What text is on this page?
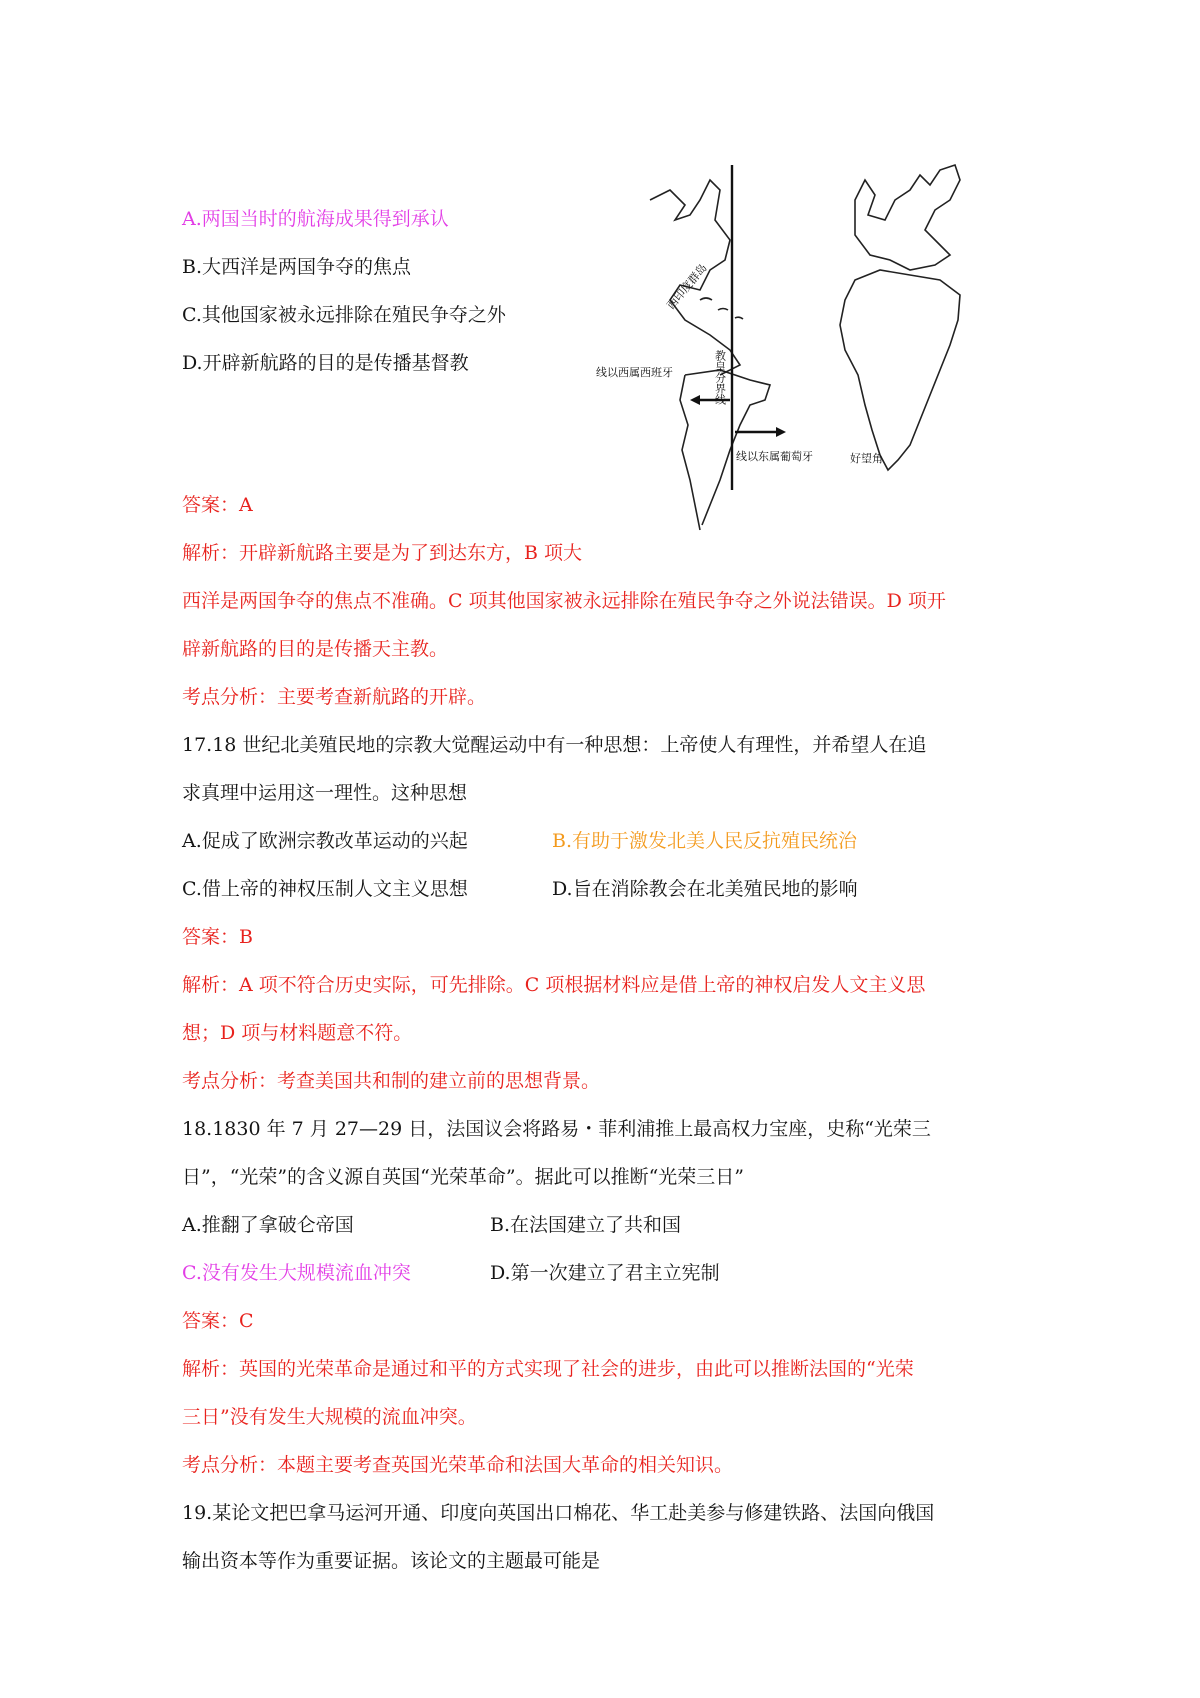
A.两国当时的航海成果得到承认
B.大西洋是两国争夺的焦点
C.其他国家被永远排除在殖民争夺之外
D.开辟新航路的目的是传播基督教
西印度群岛
线以西属西班牙	教皇分界线
线以东属葡萄牙	好望角
答案：A
解析：开辟新航路主要是为了到达东方，B 项大
西洋是两国争夺的焦点不准确。C 项其他国家被永远排除在殖民争夺之外说法错误。D 项开
辟新航路的目的是传播天主教。
考点分析：主要考查新航路的开辟。
17.18 世纪北美殖民地的宗教大觉醒运动中有一种思想：上帝使人有理性，并希望人在追
求真理中运用这一理性。这种思想
A.促成了欧洲宗教改革运动的兴起	B.有助于激发北美人民反抗殖民统治
C.借上帝的神权压制人文主义思想	D.旨在消除教会在北美殖民地的影响
答案：B
解析：A 项不符合历史实际，可先排除。C 项根据材料应是借上帝的神权启发人文主义思
想；D 项与材料题意不符。
考点分析：考查美国共和制的建立前的思想背景。
18.1830 年 7 月 27—29 日，法国议会将路易・菲利浦推上最高权力宝座，史称“光荣三
日”，“光荣”的含义源自英国“光荣革命”。据此可以推断“光荣三日”
A.推翻了拿破仑帝国	B.在法国建立了共和国
C.没有发生大规模流血冲突	D.第一次建立了君主立宪制
答案：C
解析：英国的光荣革命是通过和平的方式实现了社会的进步，由此可以推断法国的“光荣
三日”没有发生大规模的流血冲突。
考点分析：本题主要考查英国光荣革命和法国大革命的相关知识。
19.某论文把巴拿马运河开通、印度向英国出口棉花、华工赴美参与修建铁路、法国向俄国
输出资本等作为重要证据。该论文的主题最可能是
